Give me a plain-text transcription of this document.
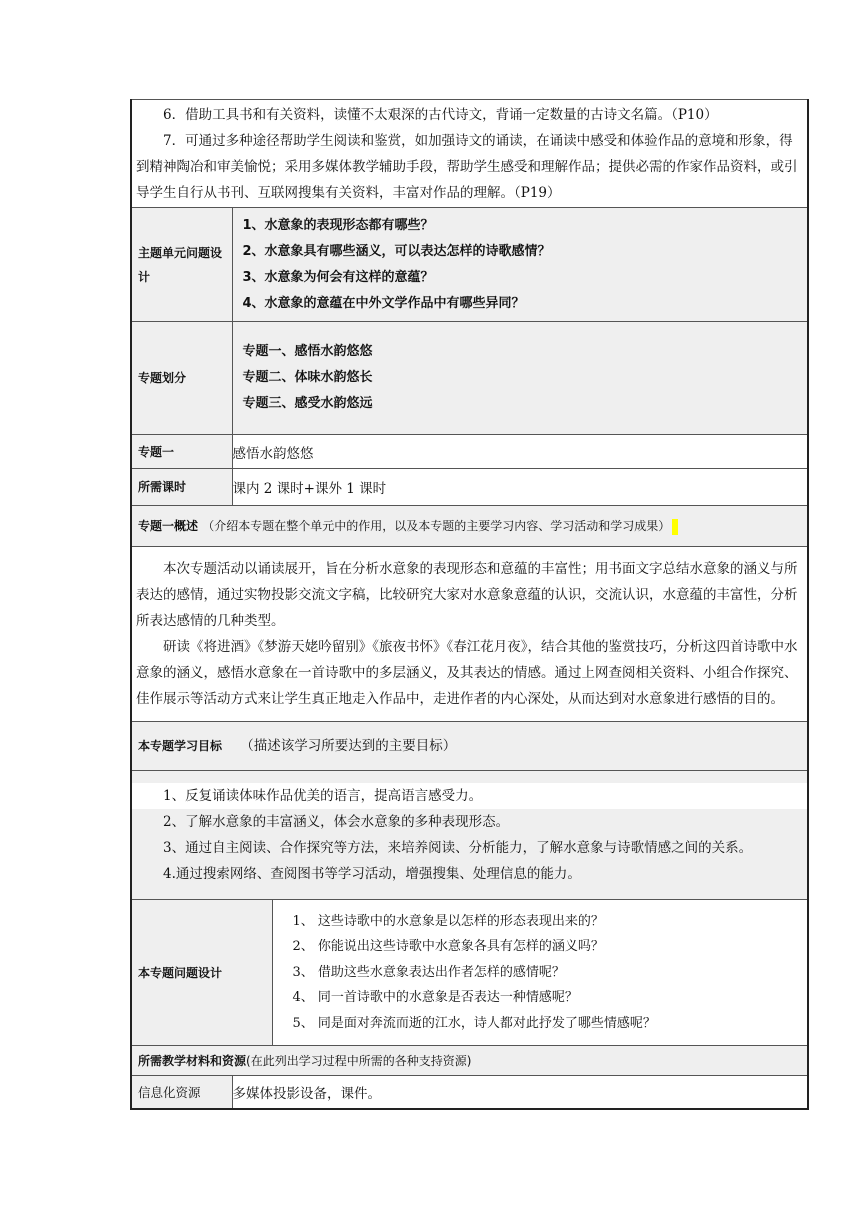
6．借助工具书和有关资料，读懂不太艰深的古代诗文，背诵一定数量的古诗文名篇。（P10）

7．可通过多种途径帮助学生阅读和鉴赏，如加强诗文的诵读，在诵读中感受和体验作品的意境和形象，得到精神陶冶和审美愉悦；采用多媒体教学辅助手段，帮助学生感受和理解作品；提供必需的作家作品资料，或引导学生自行从书刊、互联网搜集有关资料，丰富对作品的理解。（P19）		

主题单元问题设计	1、水意象的表现形态都有哪些？
2、水意象具有哪些涵义，可以表达怎样的诗歌感情？
3、水意象为何会有这样的意蕴？
4、水意象的意蕴在中外文学作品中有哪些异同？	

专题划分	专题一、感悟水韵悠悠
专题二、体味水韵悠长
专题三、感受水韵悠远	

专题一	感悟水韵悠悠	
所需课时	课内 2 课时+课外 1 课时	
专题一概述 （介绍本专题在整个单元中的作用，以及本专题的主要学习内容、学习活动和学习成果）		

本次专题活动以诵读展开，旨在分析水意象的表现形态和意蕴的丰富性；用书面文字总结水意象的涵义与所表达的感情，通过实物投影交流文字稿，比较研究大家对水意象意蕴的认识，交流认识，水意蕴的丰富性，分析所表达感情的几种类型。

研读《将进酒》《梦游天姥吟留别》《旅夜书怀》《春江花月夜》，结合其他的鉴赏技巧，分析这四首诗歌中水意象的涵义，感悟水意象在一首诗歌中的多层涵义，及其表达的情感。通过上网查阅相关资料、小组合作探究、佳作展示等活动方式来让学生真正地走入作品中，走进作者的内心深处，从而达到对水意象进行感悟的目的。		

本专题学习目标 （描述该学习所要达到的主要目标）		

1、反复诵读体味作品优美的语言，提高语言感受力。

2、了解水意象的丰富涵义，体会水意象的多种表现形态。

3、通过自主阅读、合作探究等方法，来培养阅读、分析能力，了解水意象与诗歌情感之间的关系。

4.通过搜索网络、查阅图书等学习活动，增强搜集、处理信息的能力。		

本专题问题设计		1、 这些诗歌中的水意象是以怎样的形态表现出来的？

2、 你能说出这些诗歌中水意象各具有怎样的涵义吗？

3、 借助这些水意象表达出作者怎样的感情呢？

4、 同一首诗歌中的水意象是否表达一种情感呢？

5、 同是面对奔流而逝的江水，诗人都对此抒发了哪些情感呢？

所需教学材料和资源(在此列出学习过程中所需的各种支持资源)		
信息化资源	多媒体投影设备，课件。	
